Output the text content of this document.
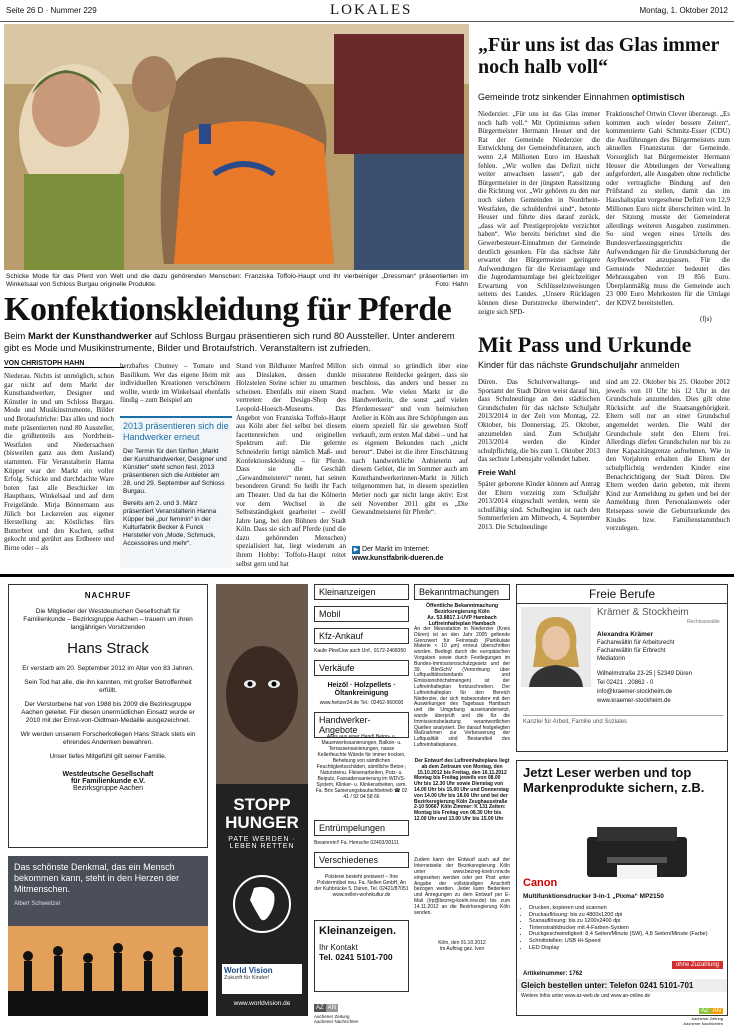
Seite 26 D · Nummer 229	LOKALES	Montag, 1. Oktober 2012
Schicke Mode für das Pferd von Welt und die dazu gehörenden Menschen: Franziska Toffolo-Haupt und ihr vierbeiniger „Dressman“ präsentierten im Winkelsaal von Schloss Burgau originelle Produkte.	Foto: Hahn
Konfektionskleidung für Pferde
Beim Markt der Kunsthandwerker auf Schloss Burgau präsentieren sich rund 80 Aussteller. Unter anderem gibt es Mode und Musikinstrumente, Bilder und Brotaufstrich. Veranstaltern ist zufrieden.
VON CHRISTOPH HAHN
Niederau. Nichts ist unmöglich, schon gar nicht auf dem Markt der Kunsthandwerker, Designer und Künstler in und um Schloss Burgau. Mode und Musikinstrumente, Bilder und Brotaufstriche: Das alles und noch mehr präsentierten rund 80 Aussteller, die größtenteils aus Nordrhein-Westfalen und Niedersachsen (bisweilen ganz aus dem Ausland) stammten. Für Veranstalterin Hanna Küpper war der Markt ein voller Erfolg. Schicke und durchdachte Ware boten fast alle Beschicker im Haupthaus, Winkelsaal und auf dem Freigelände. Mirja Bönnemann aus Jülich bot Leckereien aus eigener Herstellung an: Köstliches fürs Butterbrot und den Kuchen, selbst gekocht und gerührt aus Erdbeere und Birne oder – als
herzhaftes Chutney – Tomate und Basilikum. Wer das eigene Heim mit individuellen Kreationen verschönern wollte, wurde im Winkelsaal ebenfalls fündig – zum Beispiel am
2013 präsentieren sich die Handwerker erneut
Der Termin für den fünften „Markt der Kunsthandwerker, Designer und Künstler“ steht schon fest. 2013 präsentieren sich die Anbieter am 28. und 29. September auf Schloss Burgau.
Bereits am 2. und 3. März präsentiert Veranstalterin Hanna Küpper bei „pur feminin“ in der Kulturfabrik Becker & Funck Hersteller von „Mode, Schmuck, Accessoires und mehr“.
Stand von Bildhauer Manfred Millon aus Dinslaken, dessen dunkle Holzstelen Steine schier zu umarmen scheinen. Ebenfalls mit einem Stand vertreten: der Design-Shop des Leopold-Hoesch-Museums. Das Angebot von Franziska Toffolo-Haupt aus Köln aber fiel selbst bei diesem facettenreichen und originellen Spektrum auf: Die gelernte Schneiderin fertigt nämlich Maß- und Konfektionskleidung – für Pferde. Dass sie die Geschäft „Gewandmeisterei“ nennt, hat seinen besonderen Grund: So heißt ihr Fach am Theater. Und da hat die Kölnerin vor dem Wechsel in die Selbstständigkeit gearbeitet – zwölf Jahre lang, bei den Bühnen der Stadt Köln. Dass sie sich auf Pferde (und die dazu gehörenden Menschen) spezialisiert hat, liegt wiederum an ihrem Hobby: Toffolo-Haupt reitet selbst gern und hat
sich einmal so gründlich über eine missratene Reitdecke geärgert, dass sie beschloss, das anders und besser zu machen. Wie vielen Markt ist die Handwerkerin, die sonst „auf vielen Pferdemessen“ und vom heimischen Atelier in Köln aus ihre Schöpfungen aus einem speziell für sie gewebten Stoff verkauft, zum ersten Mal dabei – und hat es eigenem Bekunden nach „nicht bereut“. Dabei ist die ihrer Einschätzung nach handwerkliche Anbieterin auf diesem Gebiet, die im Sommer auch am Kunsthandwerkerinnen-Markt in Jülich teilgenommen hat, in diesem speziellen Metier noch gar nicht lange aktiv: Erst seit November 2011 gibt es „Die Gewandmeisterei für Pferde“.
▶ Der Markt im Internet:
www.kunstfabrik-dueren.de
„Für uns ist das Glas immer noch halb voll“
Gemeinde trotz sinkender Einnahmen optimistisch
Niederzier. „Für uns ist das Glas immer noch halb voll.“ Mit Optimismus sehen Bürgermeister Hermann Heuser und der Rat der Gemeinde Niederzier die Entwicklung der Gemeindefinanzen, auch wenn 2,4 Millionen Euro im Haushalt fehlen. „Wir wollen das Defizit nicht weiter anwachsen lassen“, gab der Bürgermeister in der jüngsten Ratssitzung die Richtung vor. „Wir gehören zu den nur noch sieben Gemeinden in Nordrhein-Westfalen, die schuldenfrei sind“, betonte Heuser und führte dies darauf zurück, „dass wir auf Prestigeprojekte verzichtet haben“. Wie bereits berichtet sind die Gewerbesteuer-Einnahmen der Gemeinde deutlich gesunken. Für das nächste Jahr erwartet der Bürgermeister geringere Aufwendungen für die Kreisumlage und die Jugendamtsumlage bei gleichzeitiger Erwartung von Schlüsselzuweisungen seitens des Landes. „Unsere Rücklagen können diese Durststrecke überwinden“, zeigte sich SPD-
Fraktionschef Ortwin Clever überzeugt. „Es kommen auch wieder bessere Zeiten“, kommentierte Gabi Schmitz-Esser (CDU) die Ausführungen des Bürgermeisters zum aktuellen Finanzstatus der Gemeinde. Vorsorglich hat Bürgermeister Hermann Heuser die Abteilungen der Verwaltung aufgefordert, alle Ausgaben ohne rechtliche oder vertragliche Bindung auf den Prüfstand zu stellen, damit das im Haushaltsplan vorgesehene Defizit von 12,9 Millionen Euro nicht überschritten wird. In der Sitzung musste der Gemeinderat allerdings weiteren Ausgaben zustimmen. So sind wegen eines Urteils des Bundesverfassungsgerichts die Aufwendungen für die Grundsicherung der Asylbewerber anzupassen. Für die Gemeinde Niederzier bedeutet dies Mehrausgaben von 19 856 Euro. Überplanmäßig muss die Gemeinde auch 23 000 Euro Mehrkosten für die Umlage der KDVZ bereitstellen.
(fjs)
Mit Pass und Urkunde
Kinder für das nächste Grundschuljahr anmelden
Düren. Das Schulverwaltungs- und Sportamt der Stadt Düren weist darauf hin, dass Schulneulinge an den städtischen Grundschulen für das nächste Schuljahr 2013/2014 in der Zeit von Montag, 22. Oktober, bis Donnerstag, 25. Oktober, anzumelden sind. Zum Schuljahr 2013/2014 werden die Kinder schulpflichtig, die bis zum 1. Oktober 2013 das sechste Lebensjahr vollendet haben.
Freie Wahl
Später geborene Kinder können auf Antrag der Eltern vorzeitig zum Schuljahr 2013/2014 eingeschult werden, wenn sie schulfähig sind. Schulbeginn ist nach den Sommerferien am Mittwoch, 4. September 2013. Die Schulneulinge
sind am 22. Oktober bis 25. Oktober 2012 jeweils von 10 Uhr bis 12 Uhr in der Grundschule anzumelden. Dies gilt ohne Rücksicht auf die Staatsangehörigkeit. Eltern soll nur an einer Grundschul angemeldet werden. Die Wahl der Grundschule steht den Eltern frei. Allerdings dürfen Grundschulen nur bis zu ihrer Kapazitätsgrenze aufnehmen. Wie in den Vorjahren erhalten die Eltern der schulpflichtig werdenden Kinder eine Benachrichtigung der Stadt Düren. Die Eltern werden darin gebeten, mit ihrem Kind zur Anmeldung zu gehen und bei der Anmeldung ihren Personalausweis oder Reisepass sowie die Geburtsurkunde des Kindes bzw. Familienstammbuch vorzulegen.
NACHRUF
Die Mitglieder der Westdeutschen Gesellschaft für Familienkunde – Bezirksgruppe Aachen – trauern um ihren langjährigen Vorsitzenden
Hans Strack
Er verstarb am 20. September 2012 im Alter von 83 Jahren.
Sein Tod hat alle, die ihn kannten, mit großer Betroffenheit erfüllt.
Der Verstorbene hat von 1988 bis 2009 die Bezirksgruppe Aachen geleitet. Für diesen unermüdlichen Einsatz wurde er 2010 mit der Ernst-von-Oidtman-Medaille ausgezeichnet.
Wir werden unserem Forscherkollegen Hans Strack stets ein ehrendes Andenken bewahren.
Unser tiefes Mitgefühl gilt seiner Familie.
Westdeutsche Gesellschaft
für Familienkunde e.V.
Bezirksgruppe Aachen
Das schönste Denkmal, das ein Mensch bekommen kann, steht in den Herzen der Mitmenschen.
Albert Schweitzer
STOPP
HUNGER
PATE WERDEN ·
LEBEN RETTEN
World Vision
Zukunft für Kinder!
www.worldvision.de
Kleinanzeigen
Mobil
Kfz-Ankauf
Kaufe Pkw/Lkw auch Unf., 0172-2468350
Verkäufe
Heizöl · Holzpellets · Öltankreinigung
www.heitzer24.de Tel.: 02452-960600
Handwerker-Angebote
Alles aus einer Hand! Beton- u. Mauerwerkssanierungen, Balkon- u. Terrassensanierungen, nasse Kellerfeuchte Wände für immer trocken, Behebung von sämtlichen Feuchtigkeitsschäden, sämtliche Beton-, Natursteinu. Fliesenarbeiten, Putz- u. Beiputz, Fassadensanierung im WDVS-System, Klinker- u. Klinkerarbeiten, uvm. Fa. Brix Sanierungsbaufachbetrieb ☎ 02 41 / 92 04 58 66
Entrümpelungen
Besenrein!! Fa. Hensche 02403/30111
Verschiedenes
Polsterei besteht preiswert – Ihre Polstermöbel neu. Fa. Nellen GmbH, An der Kuhbrücke 5, Düren, Tel. 02421/87051 www.nellen-wohnkultur.de
Kleinanzeigen.
Ihr Kontakt
Tel. 0241 5101-700
AZ AN
Aachener Zeitung
Aachener Nachrichten
Bekanntmachungen
Öffentliche Bekanntmachung
Bezirksregierung Köln
Az. 53.8817.1-UVP Hambach Luftreinhalteplan Hambach
An der Messstation in Niederzier (Kreis Düren) ist an den Jahr 2005 geltende Grenzwert für Feinstaub (Partikulate Materie < 10 µm) erneut überschritten worden. Bedingt durch die europäischen Vorgaben sowie durch Festlegungen im Bundes-Immissionsschutzgesetz und der 39. BImSchV (Verordnung über Luftqualitätsstandards und Emissionshöchstmengen) ist der Luftreinhalteplan fortzuschreiben. Der Luftreinhalteplan für den Bereich Niederzier, der sich insbesondere mit den Auswirkungen des Tagebaus Hambach und die Umgebung auseinandersetzt, wurde überprüft und die für die Immissionsbelastung verantwortlichen Quellen analysiert. Die darauf festgelegten Maßnahmen zur Verbesserung der Luftqualität sind Bestandteil des Luftreinhalteplanes.
Der Entwurf des Luftreinhalteplans liegt ab dem Zeitraum von Montag, den 15.10.2012 bis Freitag, den 16.11.2012
Montag bis Freitag jeweils von 08.00 Uhr bis 12.30 Uhr sowie Dienstag von 14.00 Uhr bis 15.00 Uhr und Donnerstag von 14.00 Uhr bis 18.00 Uhr und bei der Bezirksregierung Köln Zeughausstraße 2-10 50667 Köln Zimmer: K 131 Zeiten: Montag bis Freitag von 08.30 Uhr bis 12.00 Uhr und 13.00 Uhr bis 15.00 Uhr
Zudem kann der Entwurf auch auf der Internetseite der Bezirksregierung Köln unter www.bezreg-koeln.nrw.de eingesehen werden oder per Post unter Angabe der vollständigen Anschrift bezogen werden. Jeder kann Bedenken und Anregungen zu dem Entwurf per E-Mail (lrp@bezreg-koeln.nrw.de) bis zum 14.11.2012 an die Bezirksregierung Köln senden.
Köln, den 01.10.2012
Im Auftrag gez. Iven
Freie Berufe
Krämer & Stockheim
Rechtsanwälte
Alexandra Krämer
Fachanwältin für Arbeitsrecht
Fachanwältin für Erbrecht
Mediatorin
Wilhelmstraße 23-25 | 52349 Düren
Tel 02421 . 20862 - 0
info@kraemer-stockheim.de
www.kraemer-stockheim.de
Kanzlei für Arbeit, Familie und Soziales
Jetzt Leser werben und top Markenprodukte sichern, z.B.
Canon
Multifunktionsdrucker 3-in-1 „Pixma“ MP2150
• Drucken, kopieren und scannen
• Druckauflösung: bis zu 4800x1200 dpi
• Scanauflösung: bis zu 1200x2400 dpi
• Tintenstrahldrucker mit 4-Farben-System
• Druckgeschwindigkeit: 8,4 Seiten/Minute (SW), 4,8 Seiten/Minute (Farbe)
• Schnittstellen: USB Hi-Speed
• LED Display
ohne Zuzahlung
Artikelnummer: 1762
Gleich bestellen unter: Telefon 0241 5101-701
Weitere Infos unter www.az-web.de und www.an-online.de
AZ AN
Aachener Zeitung
Aachener Nachrichten
